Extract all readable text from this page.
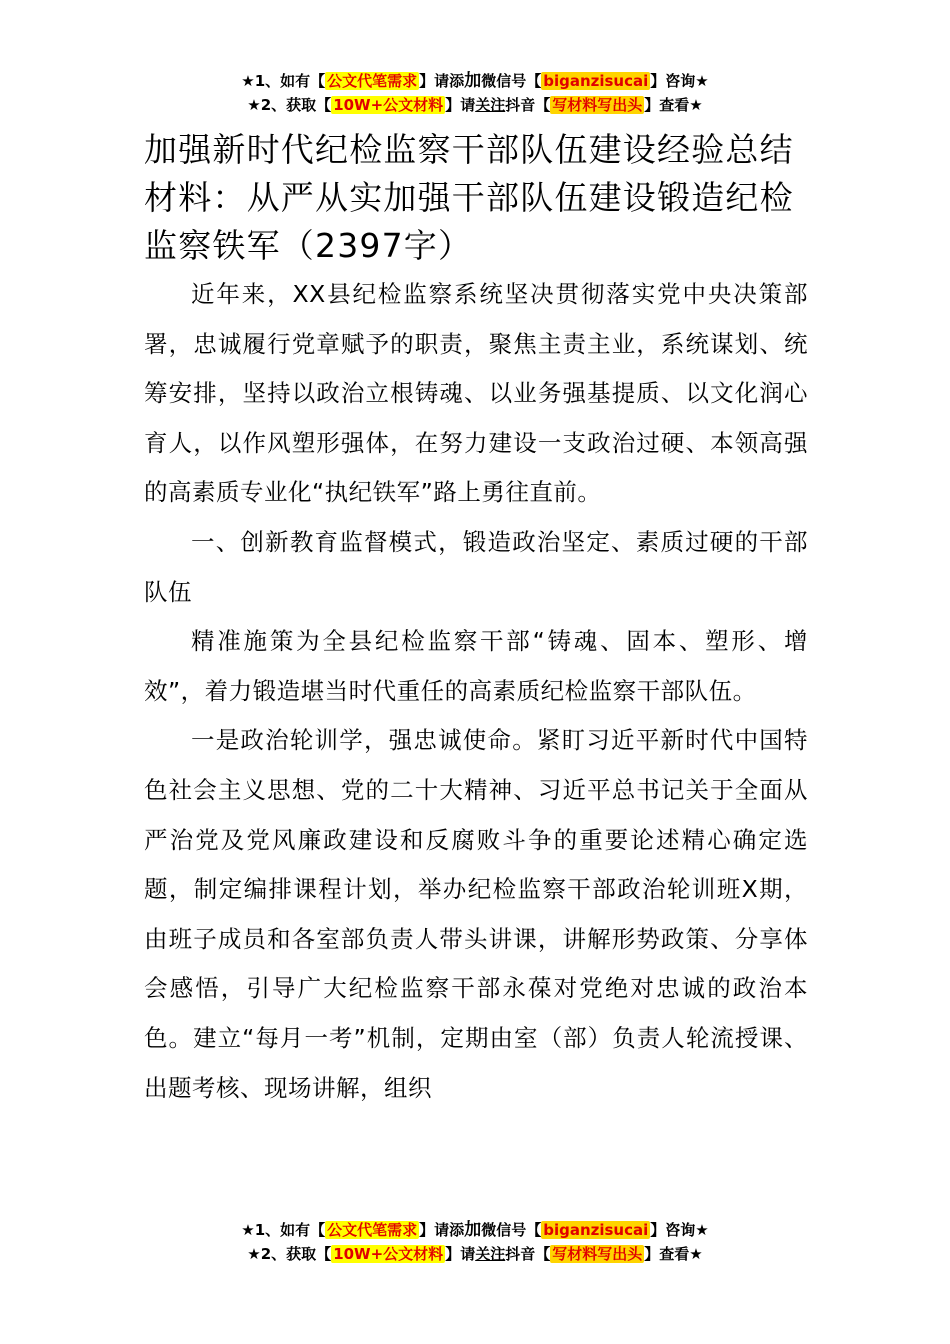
★1、如有【 公文代笔需求 】请添加微信号【 biganzisucai 】咨询★
★2、获取【 10W+公文材料 】请关注抖音【 写材料写出头 】查看★
加强新时代纪检监察干部队伍建设经验总结材料：从严从实加强干部队伍建设锻造纪检监察铁军（2397字）

近年来，XX县纪检监察系统坚决贯彻落实党中央决策部署，忠诚履行党章赋予的职责，聚焦主责主业，系统谋划、统筹安排，坚持以政治立根铸魂、以业务强基提质、以文化润心育人，以作风塑形强体，在努力建设一支政治过硬、本领高强的高素质专业化“执纪铁军”路上勇往直前。

一、创新教育监督模式，锻造政治坚定、素质过硬的干部队伍

精准施策为全县纪检监察干部“铸魂、固本、塑形、增效”，着力锻造堪当时代重任的高素质纪检监察干部队伍。

一是政治轮训学，强忠诚使命。紧盯习近平新时代中国特色社会主义思想、党的二十大精神、习近平总书记关于全面从严治党及党风廉政建设和反腐败斗争的重要论述精心确定选题，制定编排课程计划，举办纪检监察干部政治轮训班X期，由班子成员和各室部负责人带头讲课，讲解形势政策、分享体会感悟，引导广大纪检监察干部永葆对党绝对忠诚的政治本色。建立“每月一考”机制，定期由室（部）负责人轮流授课、出题考核、现场讲解，组织

★1、如有【 公文代笔需求 】请添加微信号【 biganzisucai 】咨询★
★2、获取【 10W+公文材料 】请关注抖音【 写材料写出头 】查看★
